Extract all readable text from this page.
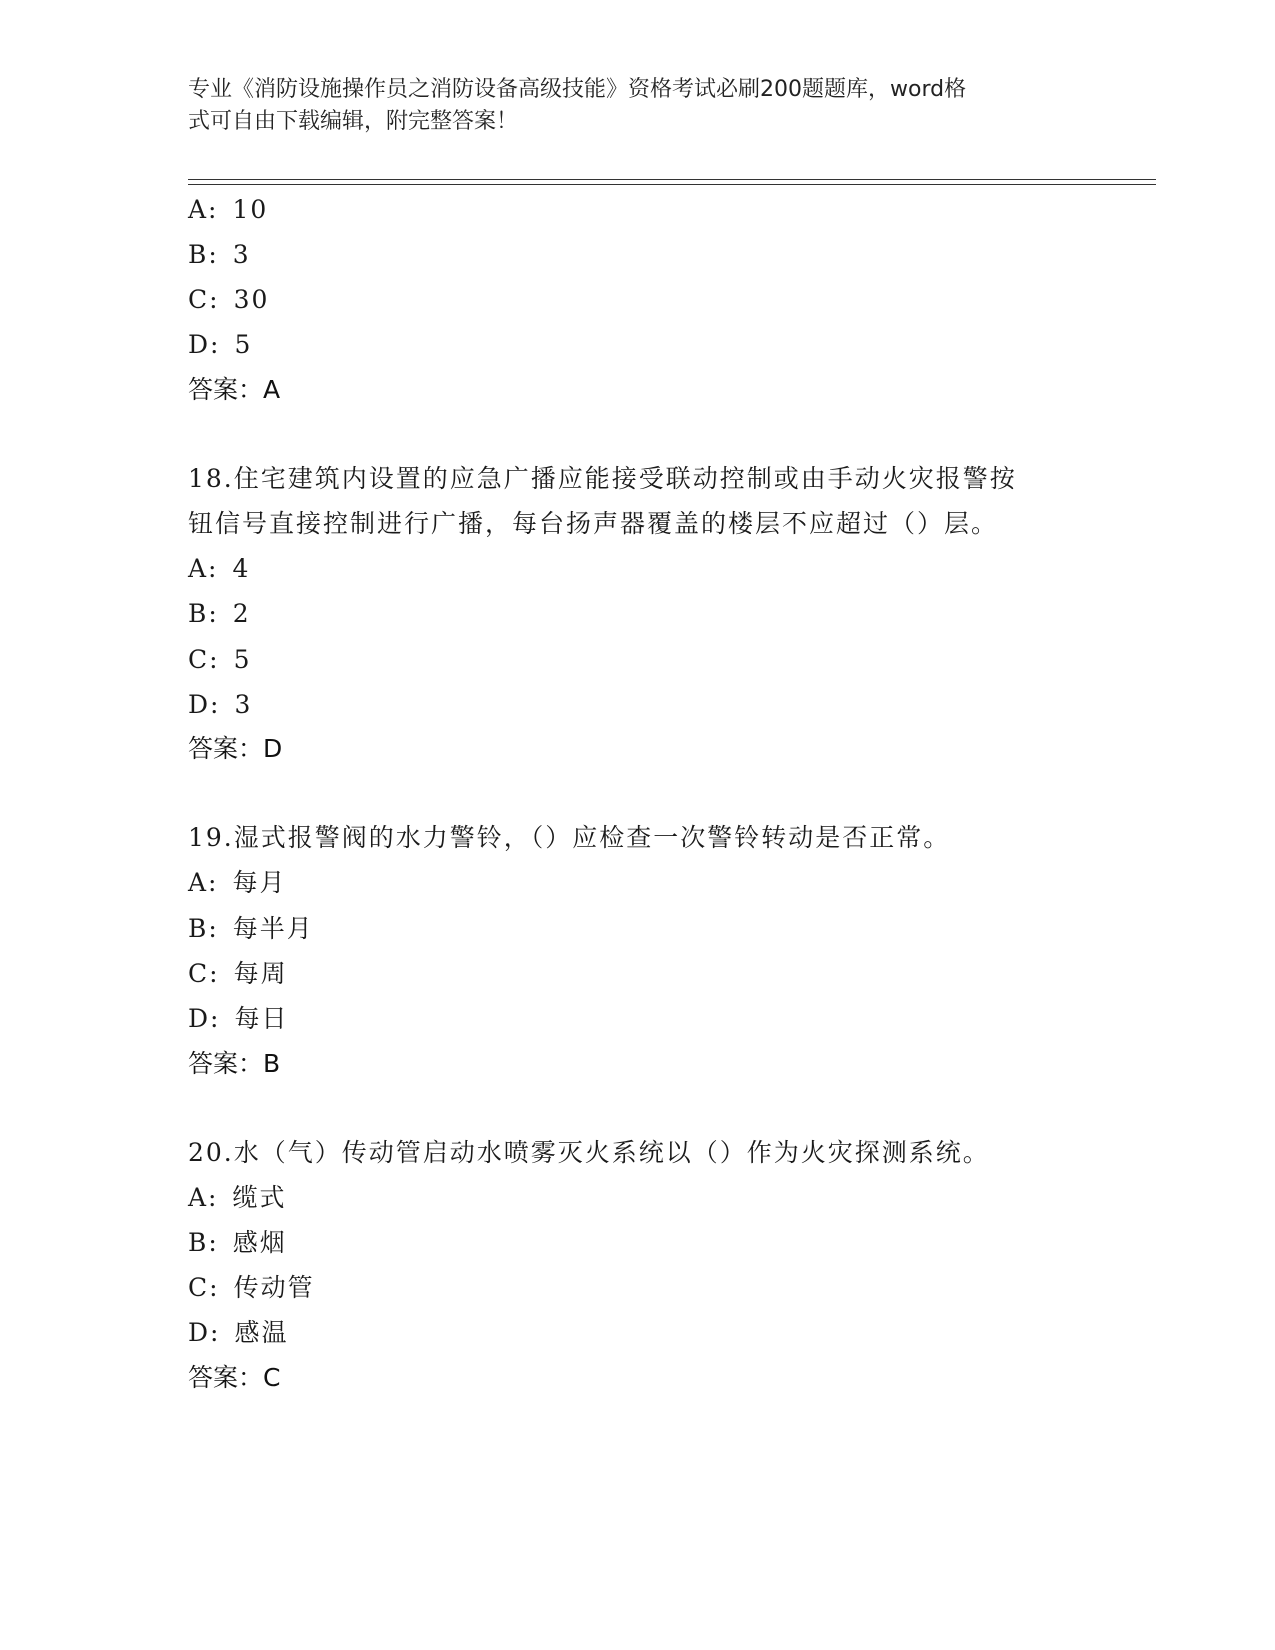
专业《消防设施操作员之消防设备高级技能》资格考试必刷200题题库，word格
式可自由下载编辑，附完整答案！
A: 10
B: 3
C: 30
D: 5
答案：A
18.住宅建筑内设置的应急广播应能接受联动控制或由手动火灾报警按
钮信号直接控制进行广播，每台扬声器覆盖的楼层不应超过（）层。
A: 4
B: 2
C: 5
D: 3
答案：D
19.湿式报警阀的水力警铃，（）应检查一次警铃转动是否正常。
A: 每月
B: 每半月
C: 每周
D: 每日
答案：B
20.水（气）传动管启动水喷雾灭火系统以（）作为火灾探测系统。
A: 缆式
B: 感烟
C: 传动管
D: 感温
答案：C
